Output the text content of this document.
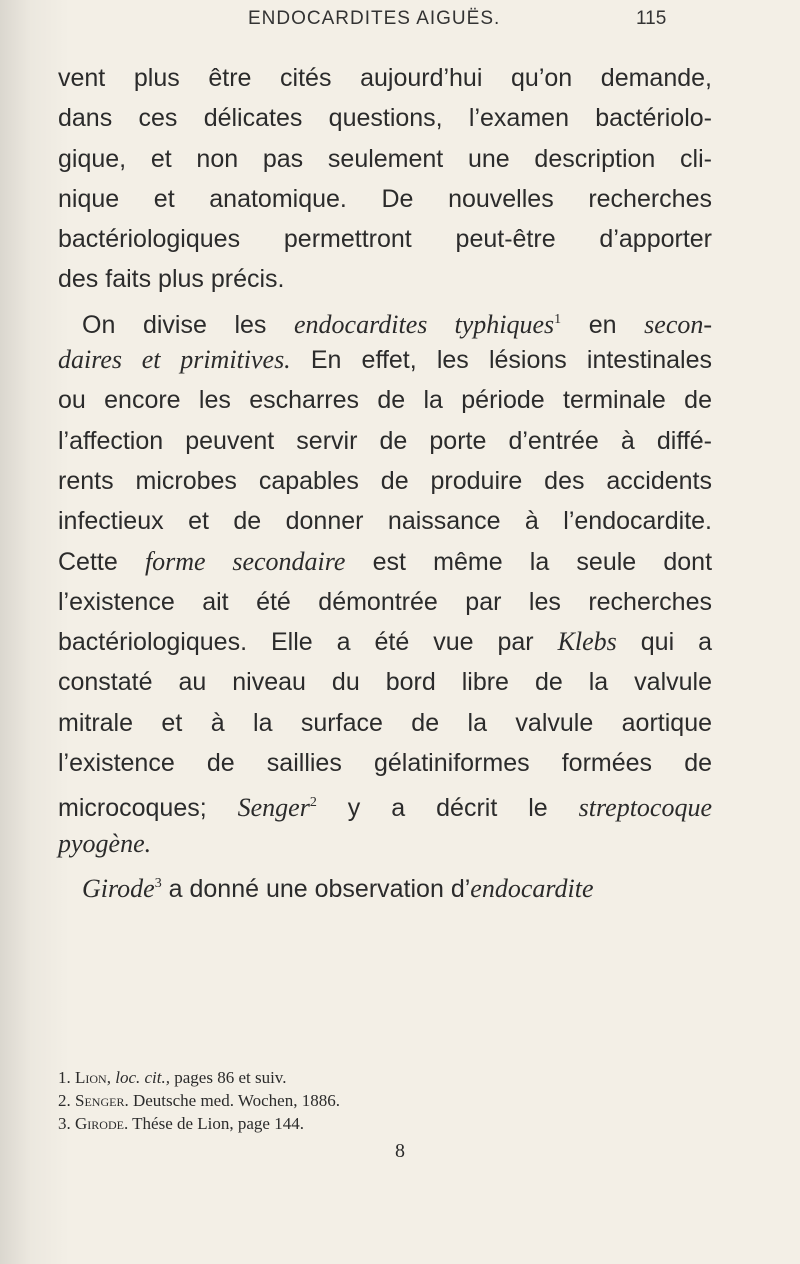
ENDOCARDITES AIGUËS.	115
vent plus être cités aujourd’hui qu’on demande,
dans ces délicates questions, l’examen bactériolo-
gique, et non pas seulement une description cli-
nique et anatomique. De nouvelles recherches
bactériologiques permettront peut-être d’apporter
des faits plus précis.
On divise les endocardites typhiques$^1$ en secon-
daires et primitives. En effet, les lésions intestinales
ou encore les escharres de la période terminale de
l’affection peuvent servir de porte d’entrée à diffé-
rents microbes capables de produire des accidents
infectieux et de donner naissance à l’endocardite.
Cette forme secondaire est même la seule dont
l’existence ait été démontrée par les recherches
bactériologiques. Elle a été vue par Klebs qui a
constaté au niveau du bord libre de la valvule
mitrale et à la surface de la valvule aortique
l’existence de saillies gélatiniformes formées de
microcoques; Senger$^2$ y a décrit le streptocoque
pyogène.
Girode$^3$ a donné une observation d’endocardite
1. Lion, loc. cit., pages 86 et suiv.
2. Senger. Deutsche med. Wochen, 1886.
3. Girode. Thése de Lion, page 144.
8
